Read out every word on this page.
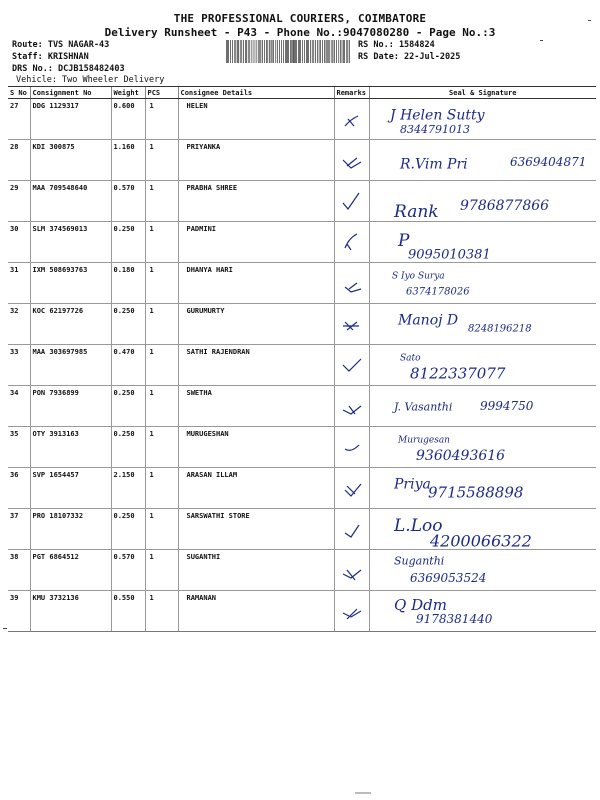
THE PROFESSIONAL COURIERS, COIMBATORE
Delivery Runsheet - P43 - Phone No.:9047080280 - Page No.:3
Route: TVS NAGAR-43
Staff: KRISHNAN
DRS No.: DCJB158482403
Vehicle: Two Wheeler Delivery
RS No.: 1584824
RS Date: 22-Jul-2025
S No	Consignment No	Weight	PCS	Consignee Details	Remarks	Seal & Signature
27	DDG 1129317	0.600	1	HELEN		J Helen Sutty
8344791013

28	KDI 300875	1.160	1	PRIYANKA		R.Vim Pri 6369404871

29	MAA 709548640	0.570	1	PRABHA SHREE		Rank 9786877866

30	SLM 374569013	0.250	1	PADMINI		P
9095010381

31	IXM 508693763	0.180	1	DHANYA HARI		S Iyo Surya
6374178026

32	KOC 62197726	0.250	1	GURUMURTY		Manoj D
8248196218

33	MAA 303697985	0.470	1	SATHI RAJENDRAN		Sato
8122337077

34	PON 7936899	0.250	1	SWETHA		J. Vasanthi 9994750

35	OTY 3913163	0.250	1	MURUGESHAN		Murugesan
9360493616

36	SVP 1654457	2.150	1	ARASAN ILLAM		Priya
9715588898

37	PRO 18107332	0.250	1	SARSWATHI STORE		L.Loo
4200066322

38	PGT 6864512	0.570	1	SUGANTHI		Suganthi
6369053524

39	KMU 3732136	0.550	1	RAMANAN		Q Ddm
9178381440
